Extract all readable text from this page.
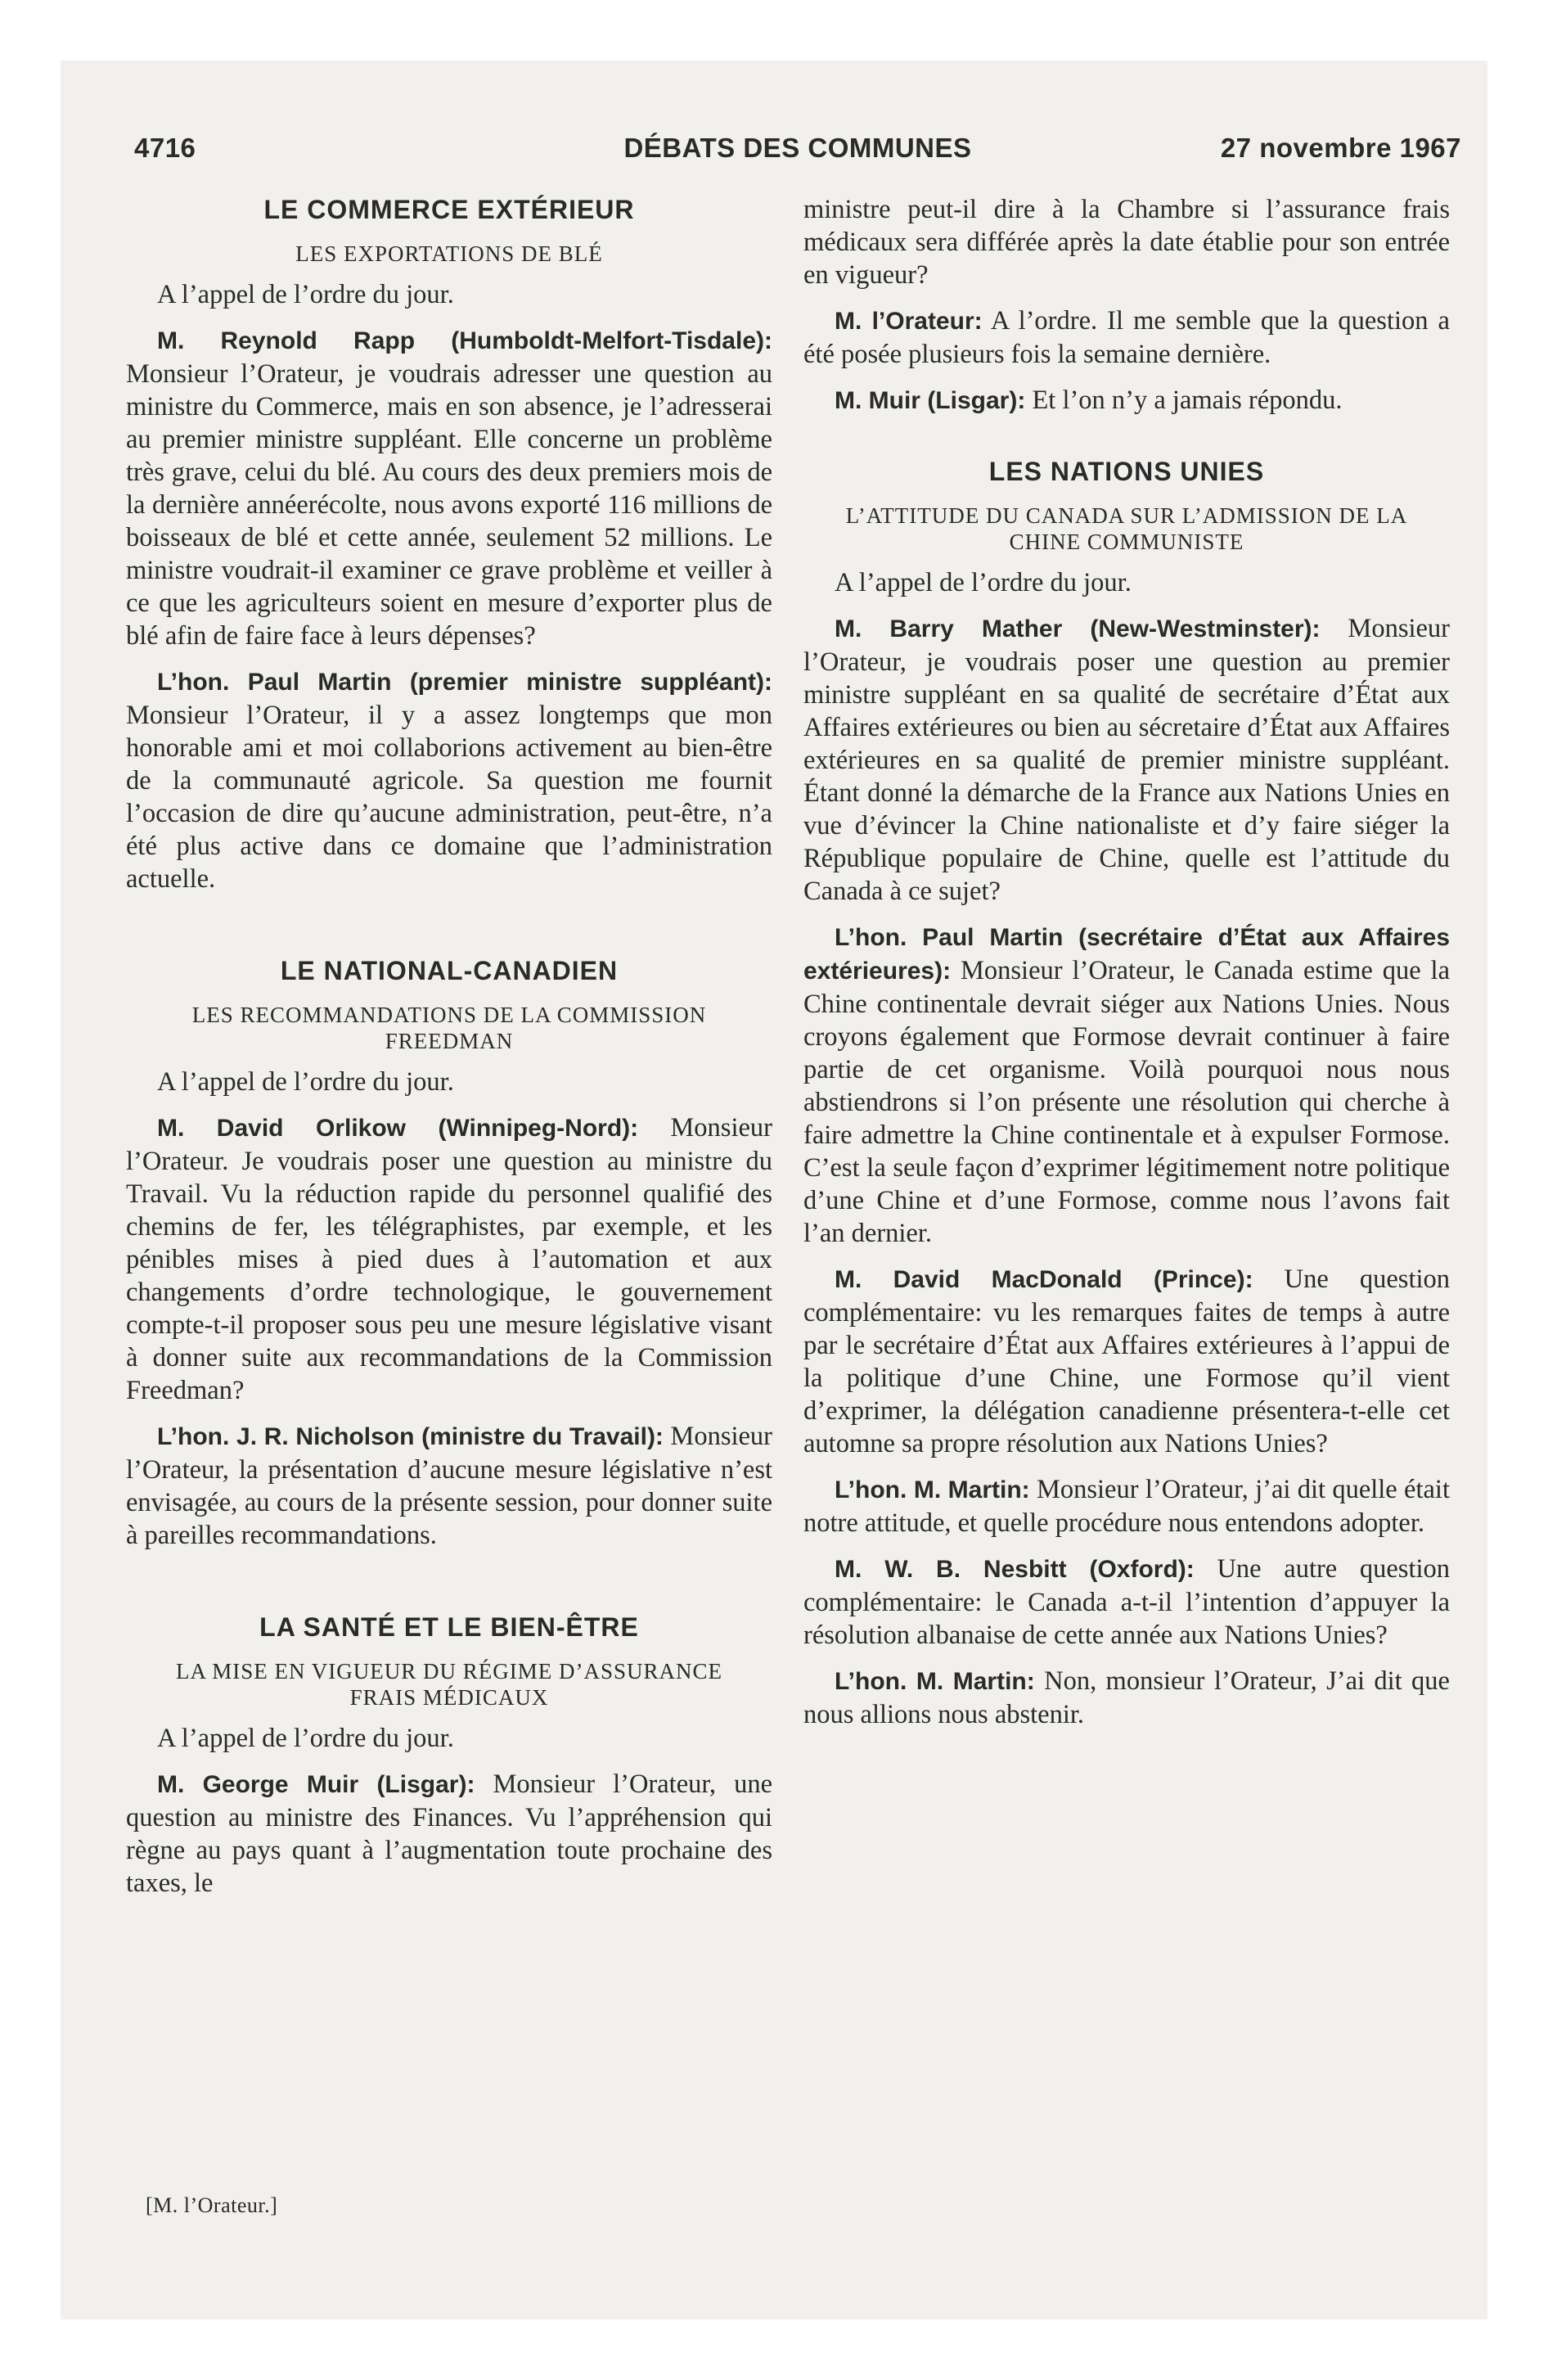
4716	DÉBATS DES COMMUNES	27 novembre 1967
LE COMMERCE EXTÉRIEUR
LES EXPORTATIONS DE BLÉ

A l’appel de l’ordre du jour.

M. Reynold Rapp (Humboldt-Melfort-Tisdale): Monsieur l’Orateur, je voudrais adresser une question au ministre du Commerce, mais en son absence, je l’adresserai au premier ministre suppléant. Elle concerne un problème très grave, celui du blé. Au cours des deux premiers mois de la dernière annéerécolte, nous avons exporté 116 millions de boisseaux de blé et cette année, seulement 52 millions. Le ministre voudrait-il examiner ce grave problème et veiller à ce que les agriculteurs soient en mesure d’exporter plus de blé afin de faire face à leurs dépenses?

L’hon. Paul Martin (premier ministre suppléant): Monsieur l’Orateur, il y a assez longtemps que mon honorable ami et moi collaborions activement au bien-être de la communauté agricole. Sa question me fournit l’occasion de dire qu’aucune administration, peut-être, n’a été plus active dans ce domaine que l’administration actuelle.

LE NATIONAL-CANADIEN
LES RECOMMANDATIONS DE LA COMMISSION FREEDMAN

A l’appel de l’ordre du jour.

M. David Orlikow (Winnipeg-Nord): Monsieur l’Orateur. Je voudrais poser une question au ministre du Travail. Vu la réduction rapide du personnel qualifié des chemins de fer, les télégraphistes, par exemple, et les pénibles mises à pied dues à l’automation et aux changements d’ordre technologique, le gouvernement compte-t-il proposer sous peu une mesure législative visant à donner suite aux recommandations de la Commission Freedman?

L’hon. J. R. Nicholson (ministre du Travail): Monsieur l’Orateur, la présentation d’aucune mesure législative n’est envisagée, au cours de la présente session, pour donner suite à pareilles recommandations.

LA SANTÉ ET LE BIEN-ÊTRE
LA MISE EN VIGUEUR DU RÉGIME D’ASSURANCE FRAIS MÉDICAUX

A l’appel de l’ordre du jour.

M. George Muir (Lisgar): Monsieur l’Orateur, une question au ministre des Finances. Vu l’appréhension qui règne au pays quant à l’augmentation toute prochaine des taxes, le

[M. l’Orateur.]

ministre peut-il dire à la Chambre si l’assurance frais médicaux sera différée après la date établie pour son entrée en vigueur?

M. l’Orateur: A l’ordre. Il me semble que la question a été posée plusieurs fois la semaine dernière.

M. Muir (Lisgar): Et l’on n’y a jamais répondu.

LES NATIONS UNIES
L’ATTITUDE DU CANADA SUR L’ADMISSION DE LA CHINE COMMUNISTE

A l’appel de l’ordre du jour.

M. Barry Mather (New-Westminster): Monsieur l’Orateur, je voudrais poser une question au premier ministre suppléant en sa qualité de secrétaire d’État aux Affaires extérieures ou bien au sécretaire d’État aux Affaires extérieures en sa qualité de premier ministre suppléant. Étant donné la démarche de la France aux Nations Unies en vue d’évincer la Chine nationaliste et d’y faire siéger la République populaire de Chine, quelle est l’attitude du Canada à ce sujet?

L’hon. Paul Martin (secrétaire d’État aux Affaires extérieures): Monsieur l’Orateur, le Canada estime que la Chine continentale devrait siéger aux Nations Unies. Nous croyons également que Formose devrait continuer à faire partie de cet organisme. Voilà pourquoi nous nous abstiendrons si l’on présente une résolution qui cherche à faire admettre la Chine continentale et à expulser Formose. C’est la seule façon d’exprimer légitimement notre politique d’une Chine et d’une Formose, comme nous l’avons fait l’an dernier.

M. David MacDonald (Prince): Une question complémentaire: vu les remarques faites de temps à autre par le secrétaire d’État aux Affaires extérieures à l’appui de la politique d’une Chine, une Formose qu’il vient d’exprimer, la délégation canadienne présentera-t-elle cet automne sa propre résolution aux Nations Unies?

L’hon. M. Martin: Monsieur l’Orateur, j’ai dit quelle était notre attitude, et quelle procédure nous entendons adopter.

M. W. B. Nesbitt (Oxford): Une autre question complémentaire: le Canada a-t-il l’intention d’appuyer la résolution albanaise de cette année aux Nations Unies?

L’hon. M. Martin: Non, monsieur l’Orateur, J’ai dit que nous allions nous abstenir.
